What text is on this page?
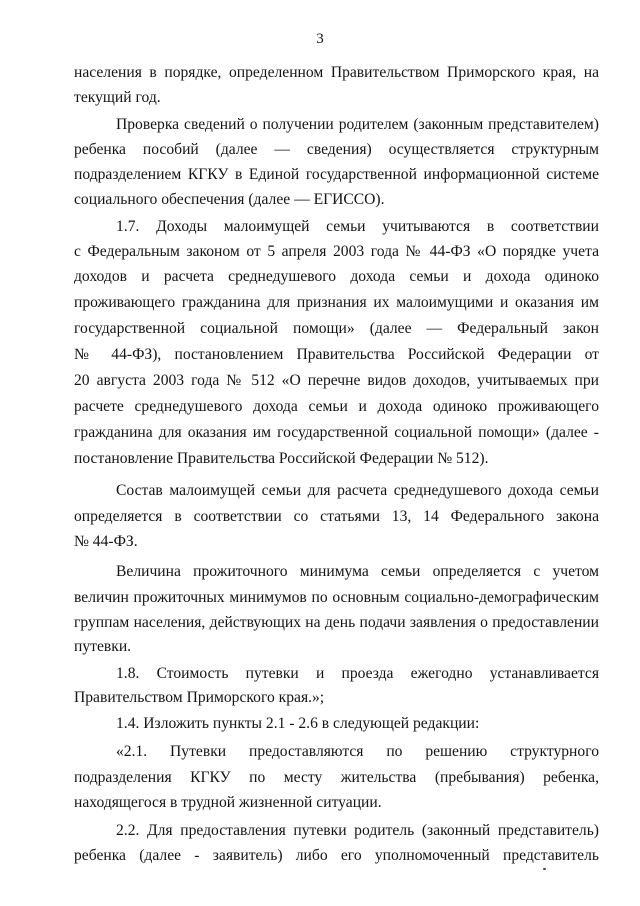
3
населения в порядке, определенном Правительством Приморского края, на
текущий год.
Проверка сведений о получении родителем (законным представителем)
ребенка пособий (далее — сведения) осуществляется структурным
подразделением КГКУ в Единой государственной информационной системе
социального обеспечения (далее — ЕГИССО).
1.7. Доходы малоимущей семьи учитываются в соответствии
с Федеральным законом от 5 апреля 2003 года № 44-ФЗ «О порядке учета
доходов и расчета среднедушевого дохода семьи и дохода одиноко
проживающего гражданина для признания их малоимущими и оказания им
государственной социальной помощи» (далее — Федеральный закон
№ 44-ФЗ), постановлением Правительства Российской Федерации от
20 августа 2003 года № 512 «О перечне видов доходов, учитываемых при
расчете среднедушевого дохода семьи и дохода одиноко проживающего
гражданина для оказания им государственной социальной помощи» (далее -
постановление Правительства Российской Федерации № 512).
Состав малоимущей семьи для расчета среднедушевого дохода семьи
определяется в соответствии со статьями 13, 14 Федерального закона
№ 44-ФЗ.
Величина прожиточного минимума семьи определяется с учетом
величин прожиточных минимумов по основным социально-демографическим
группам населения, действующих на день подачи заявления о предоставлении
путевки.
1.8. Стоимость путевки и проезда ежегодно устанавливается
Правительством Приморского края.»;
1.4. Изложить пункты 2.1 - 2.6 в следующей редакции:
«2.1. Путевки предоставляются по решению структурного
подразделения КГКУ по месту жительства (пребывания) ребенка,
находящегося в трудной жизненной ситуации.
2.2. Для предоставления путевки родитель (законный представитель)
ребенка (далее - заявитель) либо его уполномоченный представитель
